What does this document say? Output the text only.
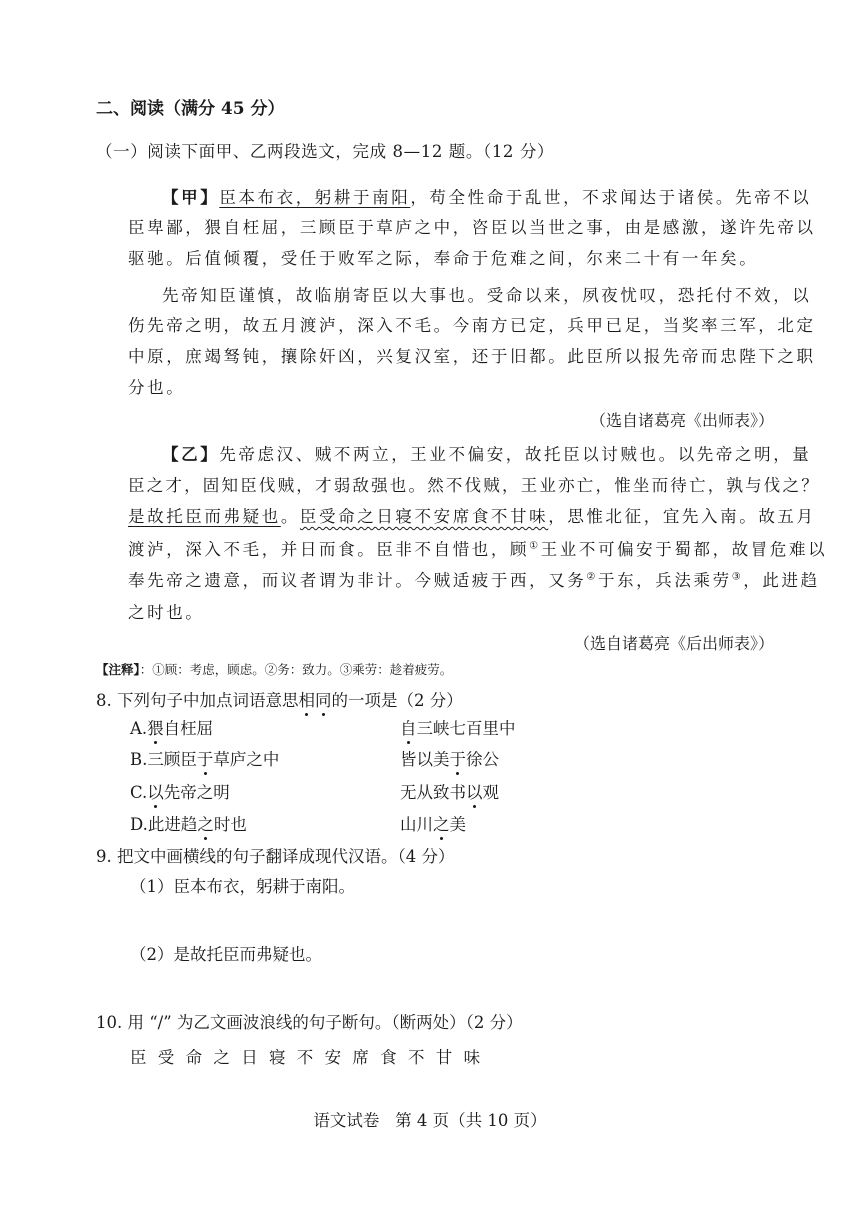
二、阅读（满分 45 分）
（一）阅读下面甲、乙两段选文，完成 8—12 题。（12 分）
【甲】臣本布衣，躬耕于南阳，苟全性命于乱世，不求闻达于诸侯。先帝不以
臣卑鄙，猥自枉屈，三顾臣于草庐之中，咨臣以当世之事，由是感激，遂许先帝以
驱驰。后值倾覆，受任于败军之际，奉命于危难之间，尔来二十有一年矣。
先帝知臣谨慎，故临崩寄臣以大事也。受命以来，夙夜忧叹，恐托付不效，以
伤先帝之明，故五月渡泸，深入不毛。今南方已定，兵甲已足，当奖率三军，北定
中原，庶竭驽钝，攘除奸凶，兴复汉室，还于旧都。此臣所以报先帝而忠陛下之职
分也。
（选自诸葛亮《出师表》）
【乙】先帝虑汉、贼不两立，王业不偏安，故托臣以讨贼也。以先帝之明，量
臣之才，固知臣伐贼，才弱敌强也。然不伐贼，王业亦亡，惟坐而待亡，孰与伐之？
是故托臣而弗疑也。臣受命之日寝不安席食不甘味，思惟北征，宜先入南。故五月
渡泸，深入不毛，并日而食。臣非不自惜也，顾①王业不可偏安于蜀都，故冒危难以
奉先帝之遗意，而议者谓为非计。今贼适疲于西，又务②于东，兵法乘劳③，此进趋
之时也。
（选自诸葛亮《后出师表》）
【注释】：①顾：考虑，顾虑。②务：致力。③乘劳：趁着疲劳。
8. 下列句子中加点词语意思相同的一项是（2 分）
A.猥自枉屈	自三峡七百里中
B.三顾臣于草庐之中	皆以美于徐公
C.以先帝之明	无从致书以观
D.此进趋之时也	山川之美
9. 把文中画横线的句子翻译成现代汉语。（4 分）
（1）臣本布衣，躬耕于南阳。
（2）是故托臣而弗疑也。
10. 用 “/” 为乙文画波浪线的句子断句。（断两处）（2 分）
臣 受 命 之 日 寝 不 安 席 食 不 甘 味
语文试卷   第 4 页（共 10 页）
